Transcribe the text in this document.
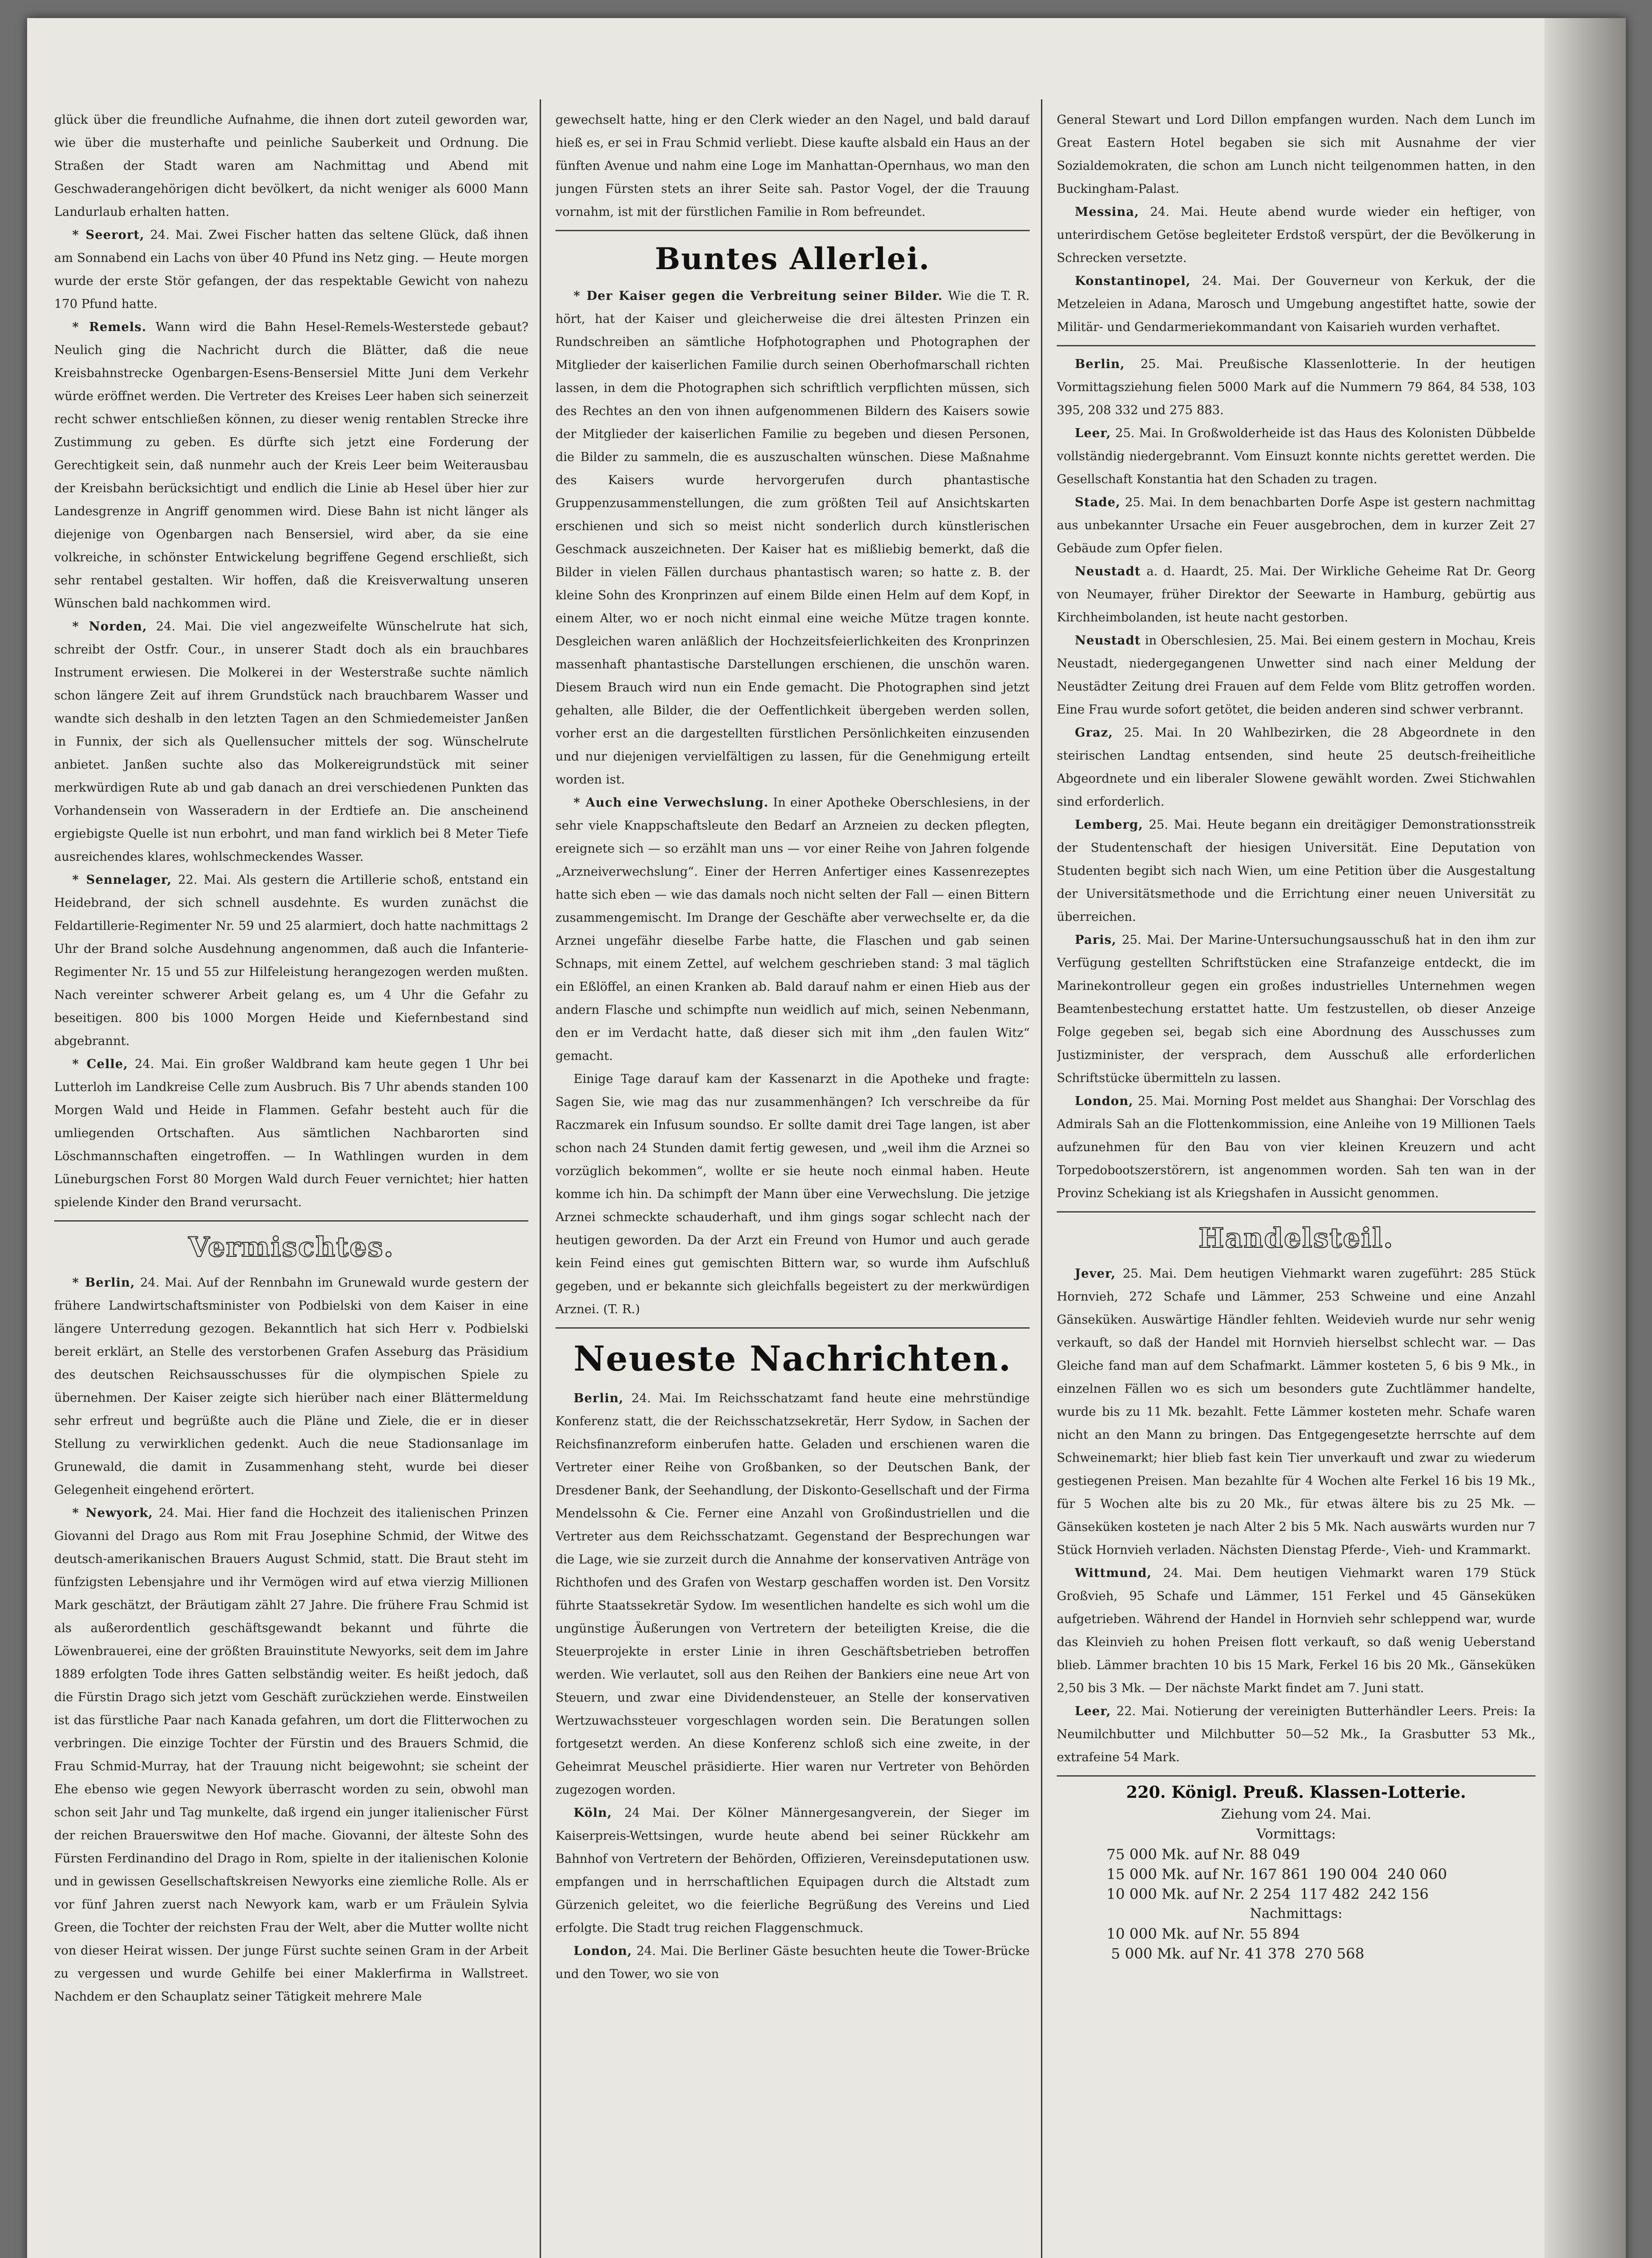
glück über die freundliche Aufnahme, die ihnen dort zuteil geworden war, wie über die musterhafte und peinliche Sauberkeit und Ordnung. Die Straßen der Stadt waren am Nachmittag und Abend mit Geschwaderangehörigen dicht bevölkert, da nicht weniger als 6000 Mann Landurlaub erhalten hatten.

* Seerort, 24. Mai. Zwei Fischer hatten das seltene Glück, daß ihnen am Sonnabend ein Lachs von über 40 Pfund ins Netz ging. — Heute morgen wurde der erste Stör gefangen, der das respektable Gewicht von nahezu 170 Pfund hatte.

* Remels. Wann wird die Bahn Hesel-Remels-Westerstede gebaut? Neulich ging die Nachricht durch die Blätter, daß die neue Kreisbahnstrecke Ogenbargen-Esens-Bensersiel Mitte Juni dem Verkehr würde eröffnet werden. Die Vertreter des Kreises Leer haben sich seinerzeit recht schwer entschließen können, zu dieser wenig rentablen Strecke ihre Zustimmung zu geben. Es dürfte sich jetzt eine Forderung der Gerechtigkeit sein, daß nunmehr auch der Kreis Leer beim Weiterausbau der Kreisbahn berücksichtigt und endlich die Linie ab Hesel über hier zur Landesgrenze in Angriff genommen wird. Diese Bahn ist nicht länger als diejenige von Ogenbargen nach Bensersiel, wird aber, da sie eine volkreiche, in schönster Entwickelung begriffene Gegend erschließt, sich sehr rentabel gestalten. Wir hoffen, daß die Kreisverwaltung unseren Wünschen bald nachkommen wird.

* Norden, 24. Mai. Die viel angezweifelte Wünschelrute hat sich, schreibt der Ostfr. Cour., in unserer Stadt doch als ein brauchbares Instrument erwiesen. Die Molkerei in der Westerstraße suchte nämlich schon längere Zeit auf ihrem Grundstück nach brauchbarem Wasser und wandte sich deshalb in den letzten Tagen an den Schmiedemeister Janßen in Funnix, der sich als Quellensucher mittels der sog. Wünschelrute anbietet. Janßen suchte also das Molkereigrundstück mit seiner merkwürdigen Rute ab und gab danach an drei verschiedenen Punkten das Vorhandensein von Wasseradern in der Erdtiefe an. Die anscheinend ergiebigste Quelle ist nun erbohrt, und man fand wirklich bei 8 Meter Tiefe ausreichendes klares, wohlschmeckendes Wasser.

* Sennelager, 22. Mai. Als gestern die Artillerie schoß, entstand ein Heidebrand, der sich schnell ausdehnte. Es wurden zunächst die Feldartillerie-Regimenter Nr. 59 und 25 alarmiert, doch hatte nachmittags 2 Uhr der Brand solche Ausdehnung angenommen, daß auch die Infanterie-Regimenter Nr. 15 und 55 zur Hilfeleistung herangezogen werden mußten. Nach vereinter schwerer Arbeit gelang es, um 4 Uhr die Gefahr zu beseitigen. 800 bis 1000 Morgen Heide und Kiefernbestand sind abgebrannt.

* Celle, 24. Mai. Ein großer Waldbrand kam heute gegen 1 Uhr bei Lutterloh im Landkreise Celle zum Ausbruch. Bis 7 Uhr abends standen 100 Morgen Wald und Heide in Flammen. Gefahr besteht auch für die umliegenden Ortschaften. Aus sämtlichen Nachbarorten sind Löschmannschaften eingetroffen. — In Wathlingen wurden in dem Lüneburgschen Forst 80 Morgen Wald durch Feuer vernichtet; hier hatten spielende Kinder den Brand verursacht.

Vermischtes.

* Berlin, 24. Mai. Auf der Rennbahn im Grunewald wurde gestern der frühere Landwirtschaftsminister von Podbielski von dem Kaiser in eine längere Unterredung gezogen. Bekanntlich hat sich Herr v. Podbielski bereit erklärt, an Stelle des verstorbenen Grafen Asseburg das Präsidium des deutschen Reichsausschusses für die olympischen Spiele zu übernehmen. Der Kaiser zeigte sich hierüber nach einer Blättermeldung sehr erfreut und begrüßte auch die Pläne und Ziele, die er in dieser Stellung zu verwirklichen gedenkt. Auch die neue Stadionsanlage im Grunewald, die damit in Zusammenhang steht, wurde bei dieser Gelegenheit eingehend erörtert.

* Newyork, 24. Mai. Hier fand die Hochzeit des italienischen Prinzen Giovanni del Drago aus Rom mit Frau Josephine Schmid, der Witwe des deutsch-amerikanischen Brauers August Schmid, statt. Die Braut steht im fünfzigsten Lebensjahre und ihr Vermögen wird auf etwa vierzig Millionen Mark geschätzt, der Bräutigam zählt 27 Jahre. Die frühere Frau Schmid ist als außerordentlich geschäftsgewandt bekannt und führte die Löwenbrauerei, eine der größten Brauinstitute Newyorks, seit dem im Jahre 1889 erfolgten Tode ihres Gatten selbständig weiter. Es heißt jedoch, daß die Fürstin Drago sich jetzt vom Geschäft zurückziehen werde. Einstweilen ist das fürstliche Paar nach Kanada gefahren, um dort die Flitterwochen zu verbringen. Die einzige Tochter der Fürstin und des Brauers Schmid, die Frau Schmid-Murray, hat der Trauung nicht beigewohnt; sie scheint der Ehe ebenso wie gegen Newyork überrascht worden zu sein, obwohl man schon seit Jahr und Tag munkelte, daß irgend ein junger italienischer Fürst der reichen Brauerswitwe den Hof mache. Giovanni, der älteste Sohn des Fürsten Ferdinandino del Drago in Rom, spielte in der italienischen Kolonie und in gewissen Gesellschaftskreisen Newyorks eine ziemliche Rolle. Als er vor fünf Jahren zuerst nach Newyork kam, warb er um Fräulein Sylvia Green, die Tochter der reichsten Frau der Welt, aber die Mutter wollte nicht von dieser Heirat wissen. Der junge Fürst suchte seinen Gram in der Arbeit zu vergessen und wurde Gehilfe bei einer Maklerfirma in Wallstreet. Nachdem er den Schauplatz seiner Tätigkeit mehrere Male

gewechselt hatte, hing er den Clerk wieder an den Nagel, und bald darauf hieß es, er sei in Frau Schmid verliebt. Diese kaufte alsbald ein Haus an der fünften Avenue und nahm eine Loge im Manhattan-Opernhaus, wo man den jungen Fürsten stets an ihrer Seite sah. Pastor Vogel, der die Trauung vornahm, ist mit der fürstlichen Familie in Rom befreundet.

Buntes Allerlei.

* Der Kaiser gegen die Verbreitung seiner Bilder. Wie die T. R. hört, hat der Kaiser und gleicherweise die drei ältesten Prinzen ein Rundschreiben an sämtliche Hofphotographen und Photographen der Mitglieder der kaiserlichen Familie durch seinen Oberhofmarschall richten lassen, in dem die Photographen sich schriftlich verpflichten müssen, sich des Rechtes an den von ihnen aufgenommenen Bildern des Kaisers sowie der Mitglieder der kaiserlichen Familie zu begeben und diesen Personen, die Bilder zu sammeln, die es auszuschalten wünschen. Diese Maßnahme des Kaisers wurde hervorgerufen durch phantastische Gruppenzusammenstellungen, die zum größten Teil auf Ansichtskarten erschienen und sich so meist nicht sonderlich durch künstlerischen Geschmack auszeichneten. Der Kaiser hat es mißliebig bemerkt, daß die Bilder in vielen Fällen durchaus phantastisch waren; so hatte z. B. der kleine Sohn des Kronprinzen auf einem Bilde einen Helm auf dem Kopf, in einem Alter, wo er noch nicht einmal eine weiche Mütze tragen konnte. Desgleichen waren anläßlich der Hochzeitsfeierlichkeiten des Kronprinzen massenhaft phantastische Darstellungen erschienen, die unschön waren. Diesem Brauch wird nun ein Ende gemacht. Die Photographen sind jetzt gehalten, alle Bilder, die der Oeffentlichkeit übergeben werden sollen, vorher erst an die dargestellten fürstlichen Persönlichkeiten einzusenden und nur diejenigen vervielfältigen zu lassen, für die Genehmigung erteilt worden ist.

* Auch eine Verwechslung. In einer Apotheke Oberschlesiens, in der sehr viele Knappschaftsleute den Bedarf an Arzneien zu decken pflegten, ereignete sich — so erzählt man uns — vor einer Reihe von Jahren folgende „Arzneiverwechslung“. Einer der Herren Anfertiger eines Kassenrezeptes hatte sich eben — wie das damals noch nicht selten der Fall — einen Bittern zusammengemischt. Im Drange der Geschäfte aber verwechselte er, da die Arznei ungefähr dieselbe Farbe hatte, die Flaschen und gab seinen Schnaps, mit einem Zettel, auf welchem geschrieben stand: 3 mal täglich ein Eßlöffel, an einen Kranken ab. Bald darauf nahm er einen Hieb aus der andern Flasche und schimpfte nun weidlich auf mich, seinen Nebenmann, den er im Verdacht hatte, daß dieser sich mit ihm „den faulen Witz“ gemacht.

Einige Tage darauf kam der Kassenarzt in die Apotheke und fragte: Sagen Sie, wie mag das nur zusammenhängen? Ich verschreibe da für Raczmarek ein Infusum soundso. Er sollte damit drei Tage langen, ist aber schon nach 24 Stunden damit fertig gewesen, und „weil ihm die Arznei so vorzüglich bekommen“, wollte er sie heute noch einmal haben. Heute komme ich hin. Da schimpft der Mann über eine Verwechslung. Die jetzige Arznei schmeckte schauderhaft, und ihm gings sogar schlecht nach der heutigen geworden. Da der Arzt ein Freund von Humor und auch gerade kein Feind eines gut gemischten Bittern war, so wurde ihm Aufschluß gegeben, und er bekannte sich gleichfalls begeistert zu der merkwürdigen Arznei. (T. R.)

Neueste Nachrichten.

Berlin, 24. Mai. Im Reichsschatzamt fand heute eine mehrstündige Konferenz statt, die der Reichsschatzsekretär, Herr Sydow, in Sachen der Reichsfinanzreform einberufen hatte. Geladen und erschienen waren die Vertreter einer Reihe von Großbanken, so der Deutschen Bank, der Dresdener Bank, der Seehandlung, der Diskonto-Gesellschaft und der Firma Mendelssohn & Cie. Ferner eine Anzahl von Großindustriellen und die Vertreter aus dem Reichsschatzamt. Gegenstand der Besprechungen war die Lage, wie sie zurzeit durch die Annahme der konservativen Anträge von Richthofen und des Grafen von Westarp geschaffen worden ist. Den Vorsitz führte Staatssekretär Sydow. Im wesentlichen handelte es sich wohl um die ungünstige Äußerungen von Vertretern der beteiligten Kreise, die die Steuerprojekte in erster Linie in ihren Geschäftsbetrieben betroffen werden. Wie verlautet, soll aus den Reihen der Bankiers eine neue Art von Steuern, und zwar eine Dividendensteuer, an Stelle der konservativen Wertzuwachssteuer vorgeschlagen worden sein. Die Beratungen sollen fortgesetzt werden. An diese Konferenz schloß sich eine zweite, in der Geheimrat Meuschel präsidierte. Hier waren nur Vertreter von Behörden zugezogen worden.

Köln, 24 Mai. Der Kölner Männergesangverein, der Sieger im Kaiserpreis-Wettsingen, wurde heute abend bei seiner Rückkehr am Bahnhof von Vertretern der Behörden, Offizieren, Vereinsdeputationen usw. empfangen und in herrschaftlichen Equipagen durch die Altstadt zum Gürzenich geleitet, wo die feierliche Begrüßung des Vereins und Lied erfolgte. Die Stadt trug reichen Flaggenschmuck.

London, 24. Mai. Die Berliner Gäste besuchten heute die Tower-Brücke und den Tower, wo sie von

General Stewart und Lord Dillon empfangen wurden. Nach dem Lunch im Great Eastern Hotel begaben sie sich mit Ausnahme der vier Sozialdemokraten, die schon am Lunch nicht teilgenommen hatten, in den Buckingham-Palast.

Messina, 24. Mai. Heute abend wurde wieder ein heftiger, von unterirdischem Getöse begleiteter Erdstoß verspürt, der die Bevölkerung in Schrecken versetzte.

Konstantinopel, 24. Mai. Der Gouverneur von Kerkuk, der die Metzeleien in Adana, Marosch und Umgebung angestiftet hatte, sowie der Militär- und Gendarmeriekommandant von Kaisarieh wurden verhaftet.

Berlin, 25. Mai. Preußische Klassenlotterie. In der heutigen Vormittagsziehung fielen 5000 Mark auf die Nummern 79 864, 84 538, 103 395, 208 332 und 275 883.

Leer, 25. Mai. In Großwolderheide ist das Haus des Kolonisten Dübbelde vollständig niedergebrannt. Vom Einsuzt konnte nichts gerettet werden. Die Gesellschaft Konstantia hat den Schaden zu tragen.

Stade, 25. Mai. In dem benachbarten Dorfe Aspe ist gestern nachmittag aus unbekannter Ursache ein Feuer ausgebrochen, dem in kurzer Zeit 27 Gebäude zum Opfer fielen.

Neustadt a. d. Haardt, 25. Mai. Der Wirkliche Geheime Rat Dr. Georg von Neumayer, früher Direktor der Seewarte in Hamburg, gebürtig aus Kirchheimbolanden, ist heute nacht gestorben.

Neustadt in Oberschlesien, 25. Mai. Bei einem gestern in Mochau, Kreis Neustadt, niedergegangenen Unwetter sind nach einer Meldung der Neustädter Zeitung drei Frauen auf dem Felde vom Blitz getroffen worden. Eine Frau wurde sofort getötet, die beiden anderen sind schwer verbrannt.

Graz, 25. Mai. In 20 Wahlbezirken, die 28 Abgeordnete in den steirischen Landtag entsenden, sind heute 25 deutsch-freiheitliche Abgeordnete und ein liberaler Slowene gewählt worden. Zwei Stichwahlen sind erforderlich.

Lemberg, 25. Mai. Heute begann ein dreitägiger Demonstrationsstreik der Studentenschaft der hiesigen Universität. Eine Deputation von Studenten begibt sich nach Wien, um eine Petition über die Ausgestaltung der Universitätsmethode und die Errichtung einer neuen Universität zu überreichen.

Paris, 25. Mai. Der Marine-Untersuchungsausschuß hat in den ihm zur Verfügung gestellten Schriftstücken eine Strafanzeige entdeckt, die im Marinekontrolleur gegen ein großes industrielles Unternehmen wegen Beamtenbestechung erstattet hatte. Um festzustellen, ob dieser Anzeige Folge gegeben sei, begab sich eine Abordnung des Ausschusses zum Justizminister, der versprach, dem Ausschuß alle erforderlichen Schriftstücke übermitteln zu lassen.

London, 25. Mai. Morning Post meldet aus Shanghai: Der Vorschlag des Admirals Sah an die Flottenkommission, eine Anleihe von 19 Millionen Taels aufzunehmen für den Bau von vier kleinen Kreuzern und acht Torpedobootszerstörern, ist angenommen worden. Sah ten wan in der Provinz Schekiang ist als Kriegshafen in Aussicht genommen.

Handelsteil.

Jever, 25. Mai. Dem heutigen Viehmarkt waren zugeführt: 285 Stück Hornvieh, 272 Schafe und Lämmer, 253 Schweine und eine Anzahl Gänseküken. Auswärtige Händler fehlten. Weidevieh wurde nur sehr wenig verkauft, so daß der Handel mit Hornvieh hierselbst schlecht war. — Das Gleiche fand man auf dem Schafmarkt. Lämmer kosteten 5, 6 bis 9 Mk., in einzelnen Fällen wo es sich um besonders gute Zuchtlämmer handelte, wurde bis zu 11 Mk. bezahlt. Fette Lämmer kosteten mehr. Schafe waren nicht an den Mann zu bringen. Das Entgegengesetzte herrschte auf dem Schweinemarkt; hier blieb fast kein Tier unverkauft und zwar zu wiederum gestiegenen Preisen. Man bezahlte für 4 Wochen alte Ferkel 16 bis 19 Mk., für 5 Wochen alte bis zu 20 Mk., für etwas ältere bis zu 25 Mk. — Gänseküken kosteten je nach Alter 2 bis 5 Mk. Nach auswärts wurden nur 7 Stück Hornvieh verladen. Nächsten Dienstag Pferde-, Vieh- und Krammarkt.

Wittmund, 24. Mai. Dem heutigen Viehmarkt waren 179 Stück Großvieh, 95 Schafe und Lämmer, 151 Ferkel und 45 Gänseküken aufgetrieben. Während der Handel in Hornvieh sehr schleppend war, wurde das Kleinvieh zu hohen Preisen flott verkauft, so daß wenig Ueberstand blieb. Lämmer brachten 10 bis 15 Mark, Ferkel 16 bis 20 Mk., Gänseküken 2,50 bis 3 Mk. — Der nächste Markt findet am 7. Juni statt.

Leer, 22. Mai. Notierung der vereinigten Butterhändler Leers. Preis: Ia Neumilchbutter und Milchbutter 50—52 Mk., Ia Grasbutter 53 Mk., extrafeine 54 Mark.

220. Königl. Preuß. Klassen-Lotterie.
Ziehung vom 24. Mai.
Vormittags:
75 000 Mk. auf Nr. 88 049
15 000 Mk. auf Nr. 167 861  190 004  240 060
10 000 Mk. auf Nr. 2 254  117 482  242 156
Nachmittags:
10 000 Mk. auf Nr. 55 894
5 000 Mk. auf Nr. 41 378  270 568
